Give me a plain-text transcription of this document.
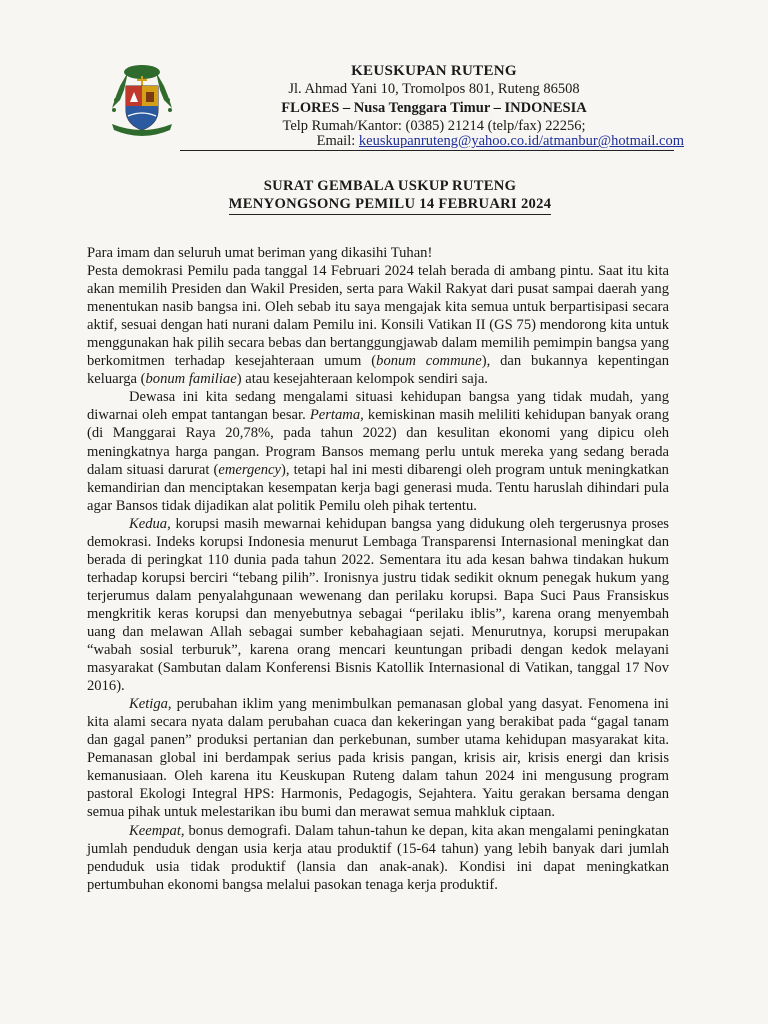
KEUSKUPAN RUTENG
Jl. Ahmad Yani 10, Tromolpos 801, Ruteng 86508
FLORES – Nusa Tenggara Timur – INDONESIA
Telp Rumah/Kantor: (0385) 21214 (telp/fax) 22256;
Email: keuskupanruteng@yahoo.co.id/atmanbur@hotmail.com
SURAT GEMBALA USKUP RUTENG
MENYONGSONG PEMILU 14 FEBRUARI 2024

Para imam dan seluruh umat beriman yang dikasihi Tuhan!

Pesta demokrasi Pemilu pada tanggal 14 Februari 2024 telah berada di ambang pintu. Saat itu kita akan memilih Presiden dan Wakil Presiden, serta para Wakil Rakyat dari pusat sampai daerah yang menentukan nasib bangsa ini. Oleh sebab itu saya mengajak kita semua untuk berpartisipasi secara aktif, sesuai dengan hati nurani dalam Pemilu ini. Konsili Vatikan II (GS 75) mendorong kita untuk menggunakan hak pilih secara bebas dan bertanggungjawab dalam memilih pemimpin bangsa yang berkomitmen terhadap kesejahteraan umum (bonum commune), dan bukannya kepentingan keluarga (bonum familiae) atau kesejahteraan kelompok sendiri saja.

Dewasa ini kita sedang mengalami situasi kehidupan bangsa yang tidak mudah, yang diwarnai oleh empat tantangan besar. Pertama, kemiskinan masih meliliti kehidupan banyak orang (di Manggarai Raya 20,78%, pada tahun 2022) dan kesulitan ekonomi yang dipicu oleh meningkatnya harga pangan. Program Bansos memang perlu untuk mereka yang sedang berada dalam situasi darurat (emergency), tetapi hal ini mesti dibarengi oleh program untuk meningkatkan kemandirian dan menciptakan kesempatan kerja bagi generasi muda. Tentu haruslah dihindari pula agar Bansos tidak dijadikan alat politik Pemilu oleh pihak tertentu.

Kedua, korupsi masih mewarnai kehidupan bangsa yang didukung oleh tergerusnya proses demokrasi. Indeks korupsi Indonesia menurut Lembaga Transparensi Internasional meningkat dan berada di peringkat 110 dunia pada tahun 2022. Sementara itu ada kesan bahwa tindakan hukum terhadap korupsi berciri “tebang pilih”. Ironisnya justru tidak sedikit oknum penegak hukum yang terjerumus dalam penyalahgunaan wewenang dan perilaku korupsi. Bapa Suci Paus Fransiskus mengkritik keras korupsi dan menyebutnya sebagai “perilaku iblis”, karena orang menyembah uang dan melawan Allah sebagai sumber kebahagiaan sejati. Menurutnya, korupsi merupakan “wabah sosial terburuk”, karena orang mencari keuntungan pribadi dengan kedok melayani masyarakat (Sambutan dalam Konferensi Bisnis Katollik Internasional di Vatikan, tanggal 17 Nov 2016).

Ketiga, perubahan iklim yang menimbulkan pemanasan global yang dasyat. Fenomena ini kita alami secara nyata dalam perubahan cuaca dan kekeringan yang berakibat pada “gagal tanam dan gagal panen” produksi pertanian dan perkebunan, sumber utama kehidupan masyarakat kita. Pemanasan global ini berdampak serius pada krisis pangan, krisis air, krisis energi dan krisis kemanusiaan. Oleh karena itu Keuskupan Ruteng dalam tahun 2024 ini mengusung program pastoral Ekologi Integral HPS: Harmonis, Pedagogis, Sejahtera. Yaitu gerakan bersama dengan semua pihak untuk melestarikan ibu bumi dan merawat semua mahkluk ciptaan.

Keempat, bonus demografi. Dalam tahun-tahun ke depan, kita akan mengalami peningkatan jumlah penduduk dengan usia kerja atau produktif (15-64 tahun) yang lebih banyak dari jumlah penduduk usia tidak produktif (lansia dan anak-anak). Kondisi ini dapat meningkatkan pertumbuhan ekonomi bangsa melalui pasokan tenaga kerja produktif.
